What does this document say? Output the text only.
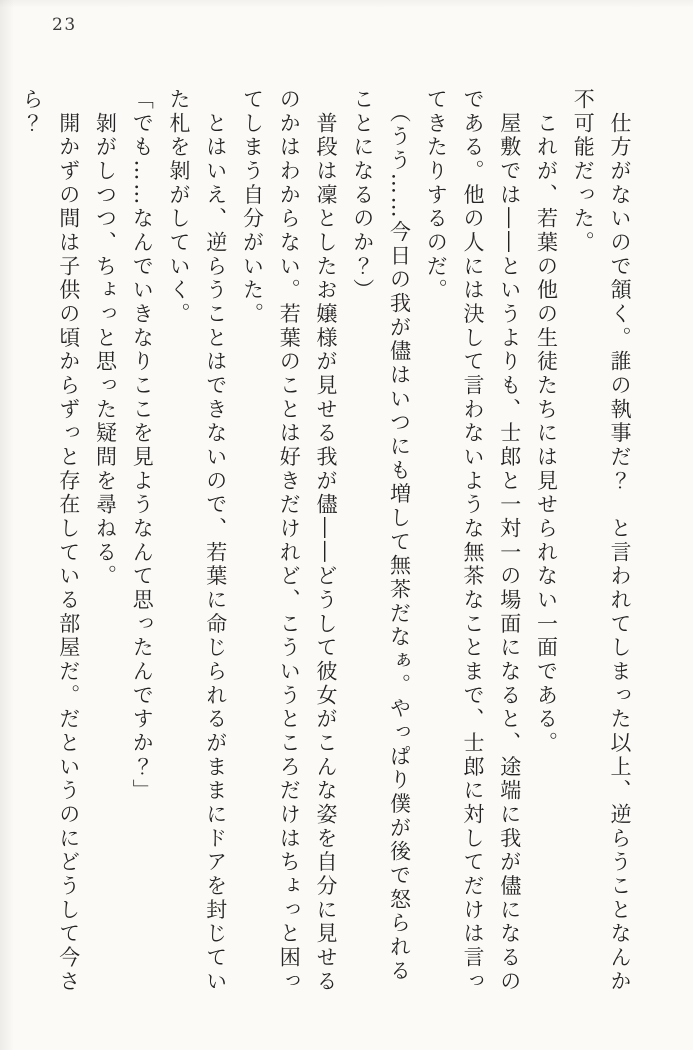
23

　仕方がないので頷く。誰の執事だ？　と言われてしまった以上、逆らうことなんか不可能だった。

　これが、若葉の他の生徒たちには見せられない一面である。

　屋敷では――というよりも、士郎と一対一の場面になると、途端に我が儘になるのである。他の人には決して言わないような無茶なことまで、士郎に対してだけは言ってきたりするのだ。

　（うう……今日の我が儘はいつにも増して無茶だなぁ。やっぱり僕が後で怒られることになるのか？）

　普段は凜としたお嬢様が見せる我が儘――どうして彼女がこんな姿を自分に見せるのかはわからない。若葉のことは好きだけれど、こういうところだけはちょっと困ってしまう自分がいた。

　とはいえ、逆らうことはできないので、若葉に命じられるがままにドアを封じていた札を剝がしていく。

「でも……なんでいきなりここを見ようなんて思ったんですか？」

　剝がしつつ、ちょっと思った疑問を尋ねる。

　開かずの間は子供の頃からずっと存在している部屋だ。だというのにどうして今さら？
